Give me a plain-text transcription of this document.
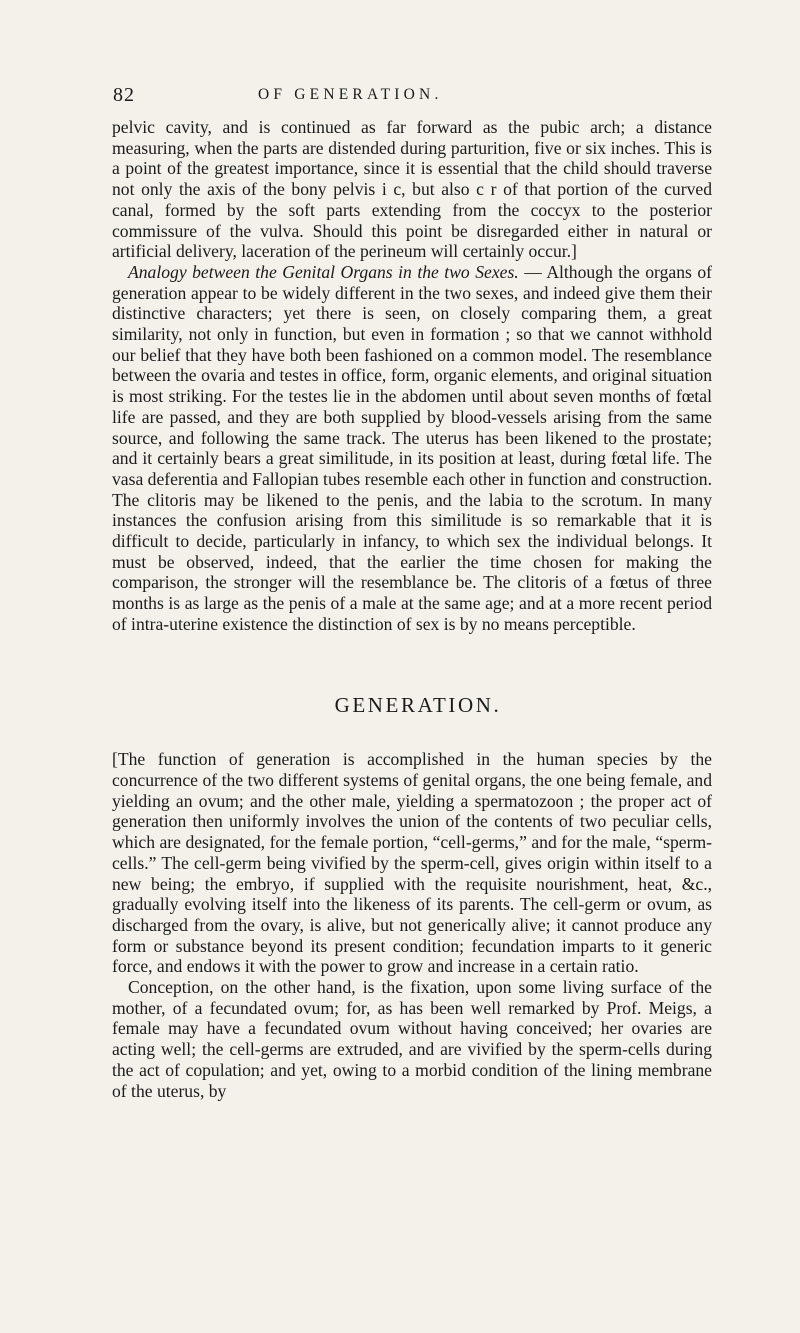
82	OF GENERATION.

pelvic cavity, and is continued as far forward as the pubic arch; a distance measuring, when the parts are distended during parturition, five or six inches. This is a point of the greatest importance, since it is essential that the child should traverse not only the axis of the bony pelvis i c, but also c r of that portion of the curved canal, formed by the soft parts extending from the coccyx to the posterior commissure of the vulva. Should this point be disregarded either in natural or artificial delivery, laceration of the perineum will certainly occur.]

Analogy between the Genital Organs in the two Sexes. — Although the organs of generation appear to be widely different in the two sexes, and indeed give them their distinctive characters; yet there is seen, on closely comparing them, a great similarity, not only in function, but even in formation ; so that we cannot withhold our belief that they have both been fashioned on a common model. The resemblance between the ovaria and testes in office, form, organic elements, and original situation is most striking. For the testes lie in the abdomen until about seven months of fœtal life are passed, and they are both supplied by blood-vessels arising from the same source, and following the same track. The uterus has been likened to the prostate; and it certainly bears a great similitude, in its position at least, during fœtal life. The vasa deferentia and Fallopian tubes resemble each other in function and construction. The clitoris may be likened to the penis, and the labia to the scrotum. In many instances the confusion arising from this similitude is so remarkable that it is difficult to decide, particularly in infancy, to which sex the individual belongs. It must be observed, indeed, that the earlier the time chosen for making the comparison, the stronger will the resemblance be. The clitoris of a fœtus of three months is as large as the penis of a male at the same age; and at a more recent period of intra-uterine existence the distinction of sex is by no means perceptible.

GENERATION.

[The function of generation is accomplished in the human species by the concurrence of the two different systems of genital organs, the one being female, and yielding an ovum; and the other male, yielding a spermatozoon ; the proper act of generation then uniformly involves the union of the contents of two peculiar cells, which are designated, for the female portion, “cell-germs,” and for the male, “sperm-cells.” The cell-germ being vivified by the sperm-cell, gives origin within itself to a new being; the embryo, if supplied with the requisite nourishment, heat, &c., gradually evolving itself into the likeness of its parents. The cell-germ or ovum, as discharged from the ovary, is alive, but not generically alive; it cannot produce any form or substance beyond its present condition; fecundation imparts to it generic force, and endows it with the power to grow and increase in a certain ratio.

Conception, on the other hand, is the fixation, upon some living surface of the mother, of a fecundated ovum; for, as has been well remarked by Prof. Meigs, a female may have a fecundated ovum without having conceived; her ovaries are acting well; the cell-germs are extruded, and are vivified by the sperm-cells during the act of copulation; and yet, owing to a morbid condition of the lining membrane of the uterus, by
